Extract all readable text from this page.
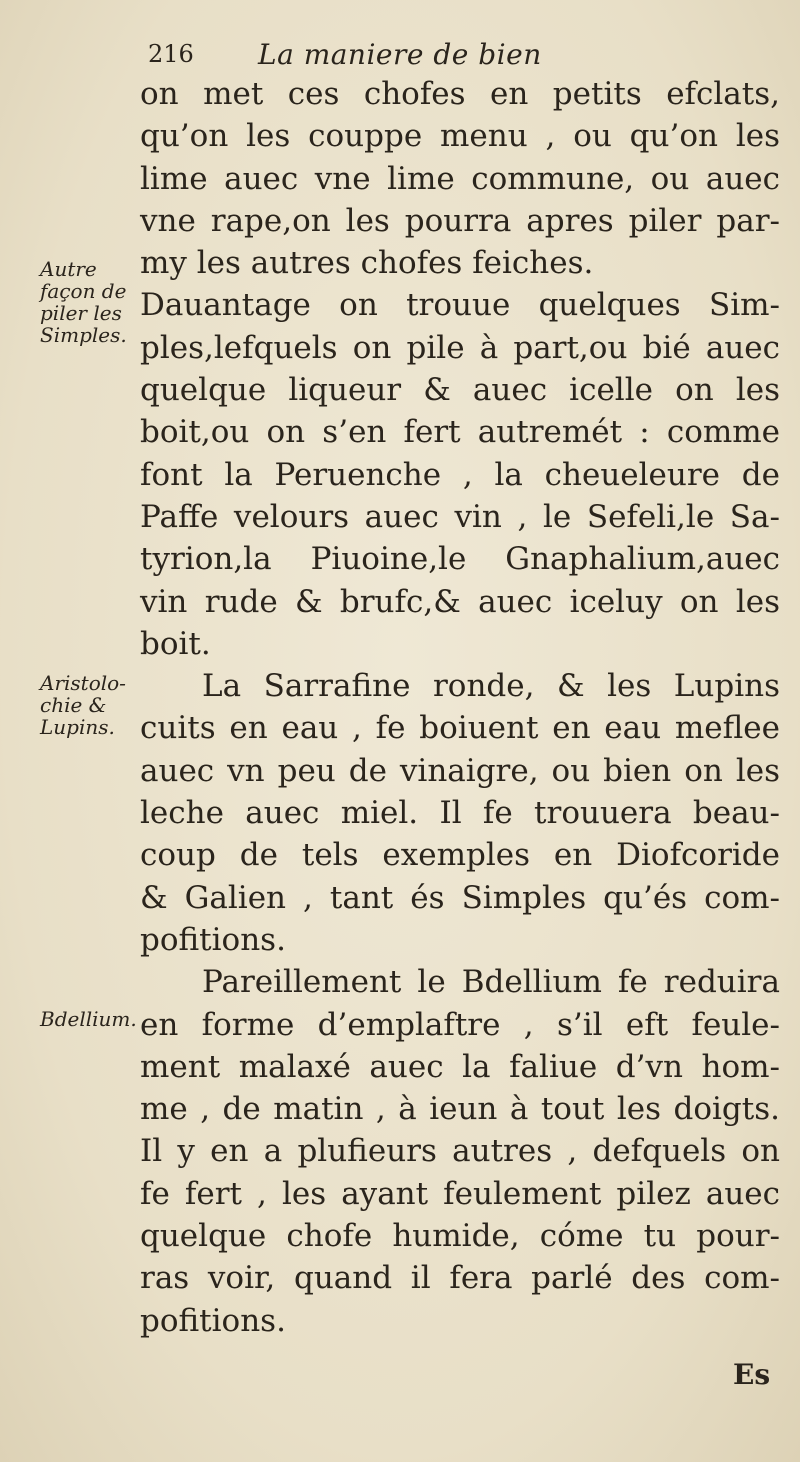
216 La maniere de bien
Autre
façon de
piler les
Simples.
Aristolo-
chie &
Lupins.
Bdellium.
on met ces chofes en petits efclats,
qu’on les couppe menu , ou qu’on les
lime auec vne lime commune, ou auec
vne rape,on les pourra apres piler par-
my les autres chofes feiches.
Dauantage on trouue quelques Sim-
ples,lefquels on pile à part,ou bié auec
quelque liqueur & auec icelle on les
boit,ou on s’en fert autremét : comme
font la Peruenche , la cheueleure de
Paffe velours auec vin , le Sefeli,le Sa-
tyrion,la Piuoine,le Gnaphalium,auec
vin rude & brufc,& auec iceluy on les
boit.
La Sarrafine ronde, & les Lupins
cuits en eau , fe boiuent en eau meflee
auec vn peu de vinaigre, ou bien on les
leche auec miel. Il fe trouuera beau-
coup de tels exemples en Diofcoride
& Galien , tant és Simples qu’és com-
pofitions.
Pareillement le Bdellium fe reduira
en forme d’emplaftre , s’il eft feule-
ment malaxé auec la faliue d’vn hom-
me , de matin , à ieun à tout les doigts.
Il y en a plufieurs autres , defquels on
fe fert , les ayant feulement pilez auec
quelque chofe humide, cóme tu pour-
ras voir, quand il fera parlé des com-
pofitions.
Es
